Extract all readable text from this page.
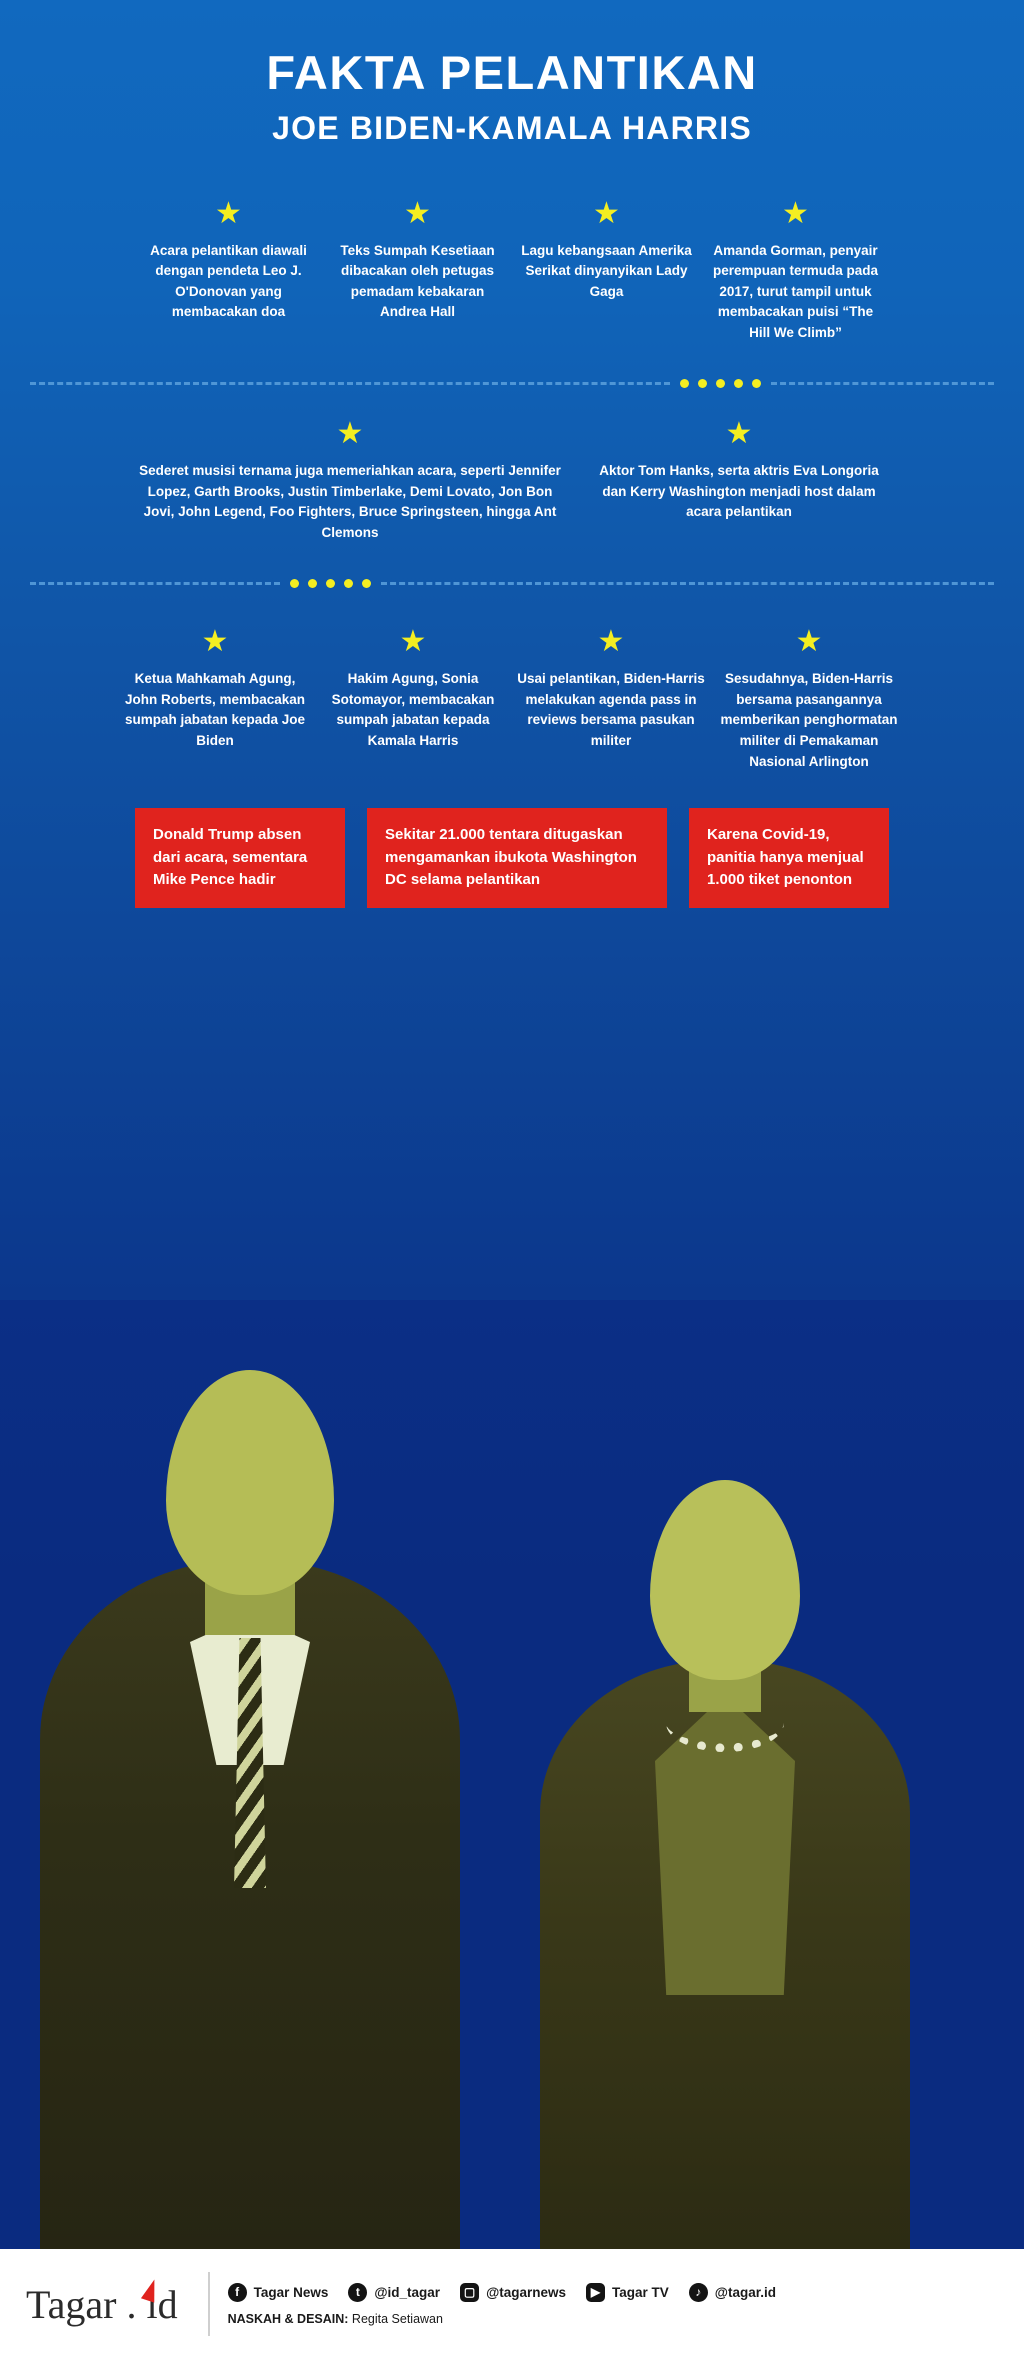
FAKTA PELANTIKAN
JOE BIDEN-KAMALA HARRIS
★

Acara pelantikan diawali dengan pendeta Leo J. O'Donovan yang membacakan doa

★

Teks Sumpah Kesetiaan dibacakan oleh petugas pemadam kebakaran Andrea Hall

★

Lagu kebangsaan Amerika Serikat dinyanyikan Lady Gaga

★

Amanda Gorman, penyair perempuan termuda pada 2017, turut tampil untuk membacakan puisi “The Hill We Climb”

★

Sederet musisi ternama juga memeriahkan acara, seperti Jennifer Lopez, Garth Brooks, Justin Timberlake, Demi Lovato, Jon Bon Jovi, John Legend, Foo Fighters, Bruce Springsteen, hingga Ant Clemons

★

Aktor Tom Hanks, serta aktris Eva Longoria dan Kerry Washington menjadi host dalam acara pelantikan

★

Ketua Mahkamah Agung, John Roberts, membacakan sumpah jabatan kepada Joe Biden

★

Hakim Agung, Sonia Sotomayor, membacakan sumpah jabatan kepada Kamala Harris

★

Usai pelantikan, Biden-Harris melakukan agenda pass in reviews bersama pasukan militer

★

Sesudahnya, Biden-Harris bersama pasangannya memberikan penghormatan militer di Pemakaman Nasional Arlington

Donald Trump absen dari acara, sementara Mike Pence hadir
Sekitar 21.000 tentara ditugaskan mengamankan ibukota Washington DC selama pelantikan
Karena Covid-19, panitia hanya menjual 1.000 tiket penonton
Tagar . id	f	Tagar News	t	@id_tagar	▢ @tagarnews	▶ Tagar TV	♪	@tagar.id
NASKAH & DESAIN: Regita Setiawan
